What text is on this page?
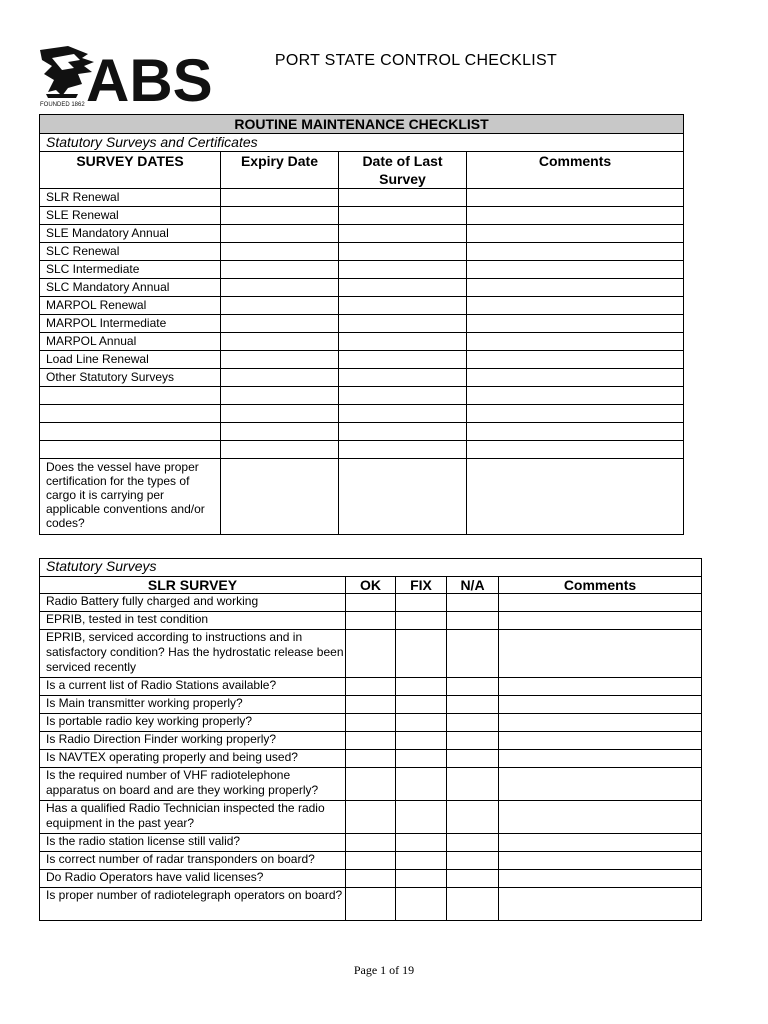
ABS
FOUNDED 1862
PORT STATE CONTROL CHECKLIST
ROUTINE MAINTENANCE CHECKLIST			
Statutory Surveys and Certificates			
SURVEY DATES	Expiry Date	Date of Last Survey	Comments
SLR Renewal			
SLE Renewal			
SLE Mandatory Annual			
SLC Renewal			
SLC Intermediate			
SLC Mandatory Annual			
MARPOL Renewal			
MARPOL Intermediate			
MARPOL Annual			
Load Line Renewal			
Other Statutory Surveys			

Does the vessel have proper certification for the types of cargo it is carrying per applicable conventions and/or codes?			
Statutory Surveys				
SLR SURVEY	OK	FIX	N/A	Comments
Radio Battery fully charged and working				
EPRIB, tested in test condition				
EPRIB, serviced according to instructions and in satisfactory condition? Has the hydrostatic release been serviced recently				
Is a current list of Radio Stations available?				
Is Main transmitter working properly?				
Is portable radio key working properly?				
Is Radio Direction Finder working properly?				
Is NAVTEX operating properly and being used?				
Is the required number of VHF radiotelephone apparatus on board and are they working properly?				
Has a qualified Radio Technician inspected the radio equipment in the past year?				
Is the radio station license still valid?				
Is correct number of radar transponders on board?				
Do Radio Operators have valid licenses?				
Is proper number of radiotelegraph operators on board?				
Page 1 of 19
